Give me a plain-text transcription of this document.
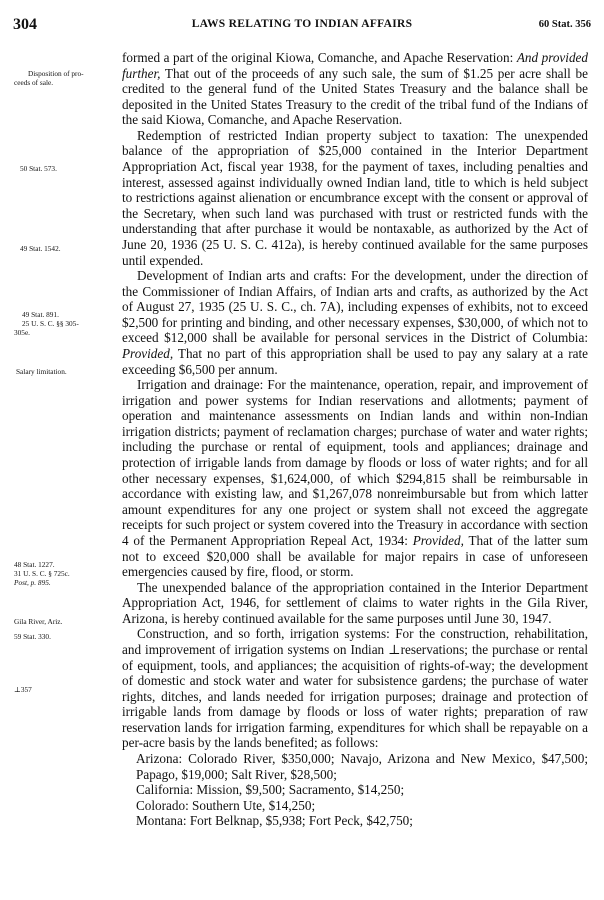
304	LAWS RELATING TO INDIAN AFFAIRS	60 Stat. 356
Disposition of pro-
ceeds of sale.
50 Stat. 573.
49 Stat. 1542.
49 Stat. 891.
25 U. S. C. §§ 305-
305e.
Salary limitation.
48 Stat. 1227.
31 U. S. C. § 725c.
Post, p. 895.
Gila River, Ariz.
59 Stat. 330.
⊥357

formed a part of the original Kiowa, Comanche, and Apache Reservation: And provided further, That out of the proceeds of any such sale, the sum of $1.25 per acre shall be credited to the general fund of the United States Treasury and the balance shall be deposited in the United States Treasury to the credit of the tribal fund of the Indians of the said Kiowa, Comanche, and Apache Reservation.

Redemption of restricted Indian property subject to taxation: The unexpended balance of the appropriation of $25,000 contained in the Interior Department Appropriation Act, fiscal year 1938, for the payment of taxes, including penalties and interest, assessed against individually owned Indian land, title to which is held subject to restrictions against alienation or encumbrance except with the consent or approval of the Secretary, when such land was purchased with trust or restricted funds with the understanding that after purchase it would be nontaxable, as authorized by the Act of June 20, 1936 (25 U. S. C. 412a), is hereby continued available for the same purposes until expended.

Development of Indian arts and crafts: For the development, under the direction of the Commissioner of Indian Affairs, of Indian arts and crafts, as authorized by the Act of August 27, 1935 (25 U. S. C., ch. 7A), including expenses of exhibits, not to exceed $2,500 for printing and binding, and other necessary expenses, $30,000, of which not to exceed $12,000 shall be available for personal services in the District of Columbia: Provided, That no part of this appropriation shall be used to pay any salary at a rate exceeding $6,500 per annum.

Irrigation and drainage: For the maintenance, operation, repair, and improvement of irrigation and power systems for Indian reservations and allotments; payment of operation and maintenance assessments on Indian lands and within non-Indian irrigation districts; payment of reclamation charges; purchase of water and water rights; including the purchase or rental of equipment, tools and appliances; drainage and protection of irrigable lands from damage by floods or loss of water rights; and for all other necessary expenses, $1,624,000, of which $294,815 shall be reimbursable in accordance with existing law, and $1,267,078 nonreimbursable but from which latter amount expenditures for any one project or system shall not exceed the aggregate receipts for such project or system covered into the Treasury in accordance with section 4 of the Permanent Appropriation Repeal Act, 1934: Provided, That of the latter sum not to exceed $20,000 shall be available for major repairs in case of unforeseen emergencies caused by fire, flood, or storm.

The unexpended balance of the appropriation contained in the Interior Department Appropriation Act, 1946, for settlement of claims to water rights in the Gila River, Arizona, is hereby continued available for the same purposes until June 30, 1947.

Construction, and so forth, irrigation systems: For the construction, rehabilitation, and improvement of irrigation systems on Indian ⊥reservations; the purchase or rental of equipment, tools, and appliances; the acquisition of rights-of-way; the development of domestic and stock water and water for subsistence gardens; the purchase of water rights, ditches, and lands needed for irrigation purposes; drainage and protection of irrigable lands from damage by floods or loss of water rights; preparation of raw reservation lands for irrigation farming, expenditures for which shall be repayable on a per-acre basis by the lands benefited; as follows:

Arizona: Colorado River, $350,000; Navajo, Arizona and New Mexico, $47,500; Papago, $19,000; Salt River, $28,500;

California: Mission, $9,500; Sacramento, $14,250;

Colorado: Southern Ute, $14,250;

Montana: Fort Belknap, $5,938; Fort Peck, $42,750;
